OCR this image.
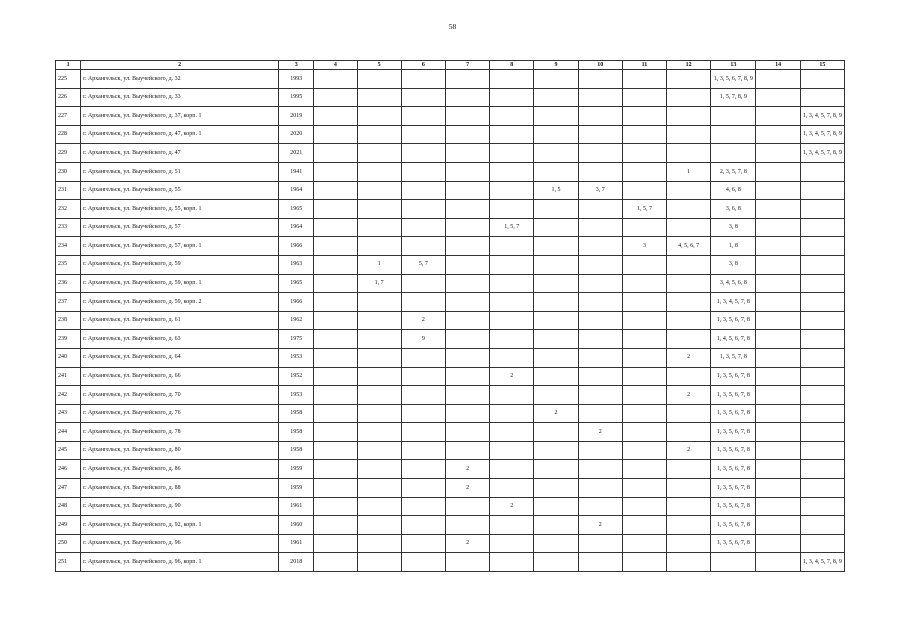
58
1	2	3	4	5	6	7	8	9	10	11	12	13	14	15
225	г. Архангельск, ул. Выучейского, д. 32	1993										1, 3, 5, 6, 7, 8, 9		
226	г. Архангельск, ул. Выучейского, д. 33	1995										1, 5, 7, 8, 9		
227	г. Архангельск, ул. Выучейского, д. 37, корп. 1	2019												1, 3, 4, 5, 7, 8, 9
228	г. Архангельск, ул. Выучейского, д. 47, корп. 1	2020												1, 3, 4, 5, 7, 8, 9
229	г. Архангельск, ул. Выучейского, д. 47	2021												1, 3, 4, 5, 7, 8, 9
230	г. Архангельск, ул. Выучейского, д. 51	1941									1	2, 3, 5, 7, 8		
231	г. Архангельск, ул. Выучейского, д. 55	1964						1, 5	3, 7			4, 6, 8		
232	г. Архангельск, ул. Выучейского, д. 55, корп. 1	1965								1, 5, 7		3, 6, 8		
233	г. Архангельск, ул. Выучейского, д. 57	1964					1, 5, 7					3, 8		
234	г. Архангельск, ул. Выучейского, д. 57, корп. 1	1966								3	4, 5, 6, 7	1, 8		
235	г. Архангельск, ул. Выучейского, д. 59	1963		1	5, 7							3, 8		
236	г. Архангельск, ул. Выучейского, д. 59, корп. 1	1965		1, 7								3, 4, 5, 6, 8		
237	г. Архангельск, ул. Выучейского, д. 59, корп. 2	1966										1, 3, 4, 5, 7, 8		
238	г. Архангельск, ул. Выучейского, д. 61	1962			2							1, 3, 5, 6, 7, 8		
239	г. Архангельск, ул. Выучейского, д. 63	1975			9							1, 4, 5, 6, 7, 8		
240	г. Архангельск, ул. Выучейского, д. 64	1953									2	1, 3, 5, 7, 8		
241	г. Архангельск, ул. Выучейского, д. 66	1952					2					1, 3, 5, 6, 7, 8		
242	г. Архангельск, ул. Выучейского, д. 70	1953									2	1, 3, 5, 6, 7, 8		
243	г. Архангельск, ул. Выучейского, д. 76	1958						2				1, 3, 5, 6, 7, 8		
244	г. Архангельск, ул. Выучейского, д. 78	1958							2			1, 3, 5, 6, 7, 8		
245	г. Архангельск, ул. Выучейского, д. 80	1958									2	1, 3, 5, 6, 7, 8		
246	г. Архангельск, ул. Выучейского, д. 86	1959				2						1, 3, 5, 6, 7, 8		
247	г. Архангельск, ул. Выучейского, д. 88	1959				2						1, 3, 5, 6, 7, 8		
248	г. Архангельск, ул. Выучейского, д. 90	1961					2					1, 3, 5, 6, 7, 8		
249	г. Архангельск, ул. Выучейского, д. 92, корп. 1	1960							2			1, 3, 5, 6, 7, 8		
250	г. Архангельск, ул. Выучейского, д. 96	1961				2						1, 3, 5, 6, 7, 8		
251	г. Архангельск, ул. Выучейского, д. 96, корп. 1	2018												1, 3, 4, 5, 7, 8, 9
